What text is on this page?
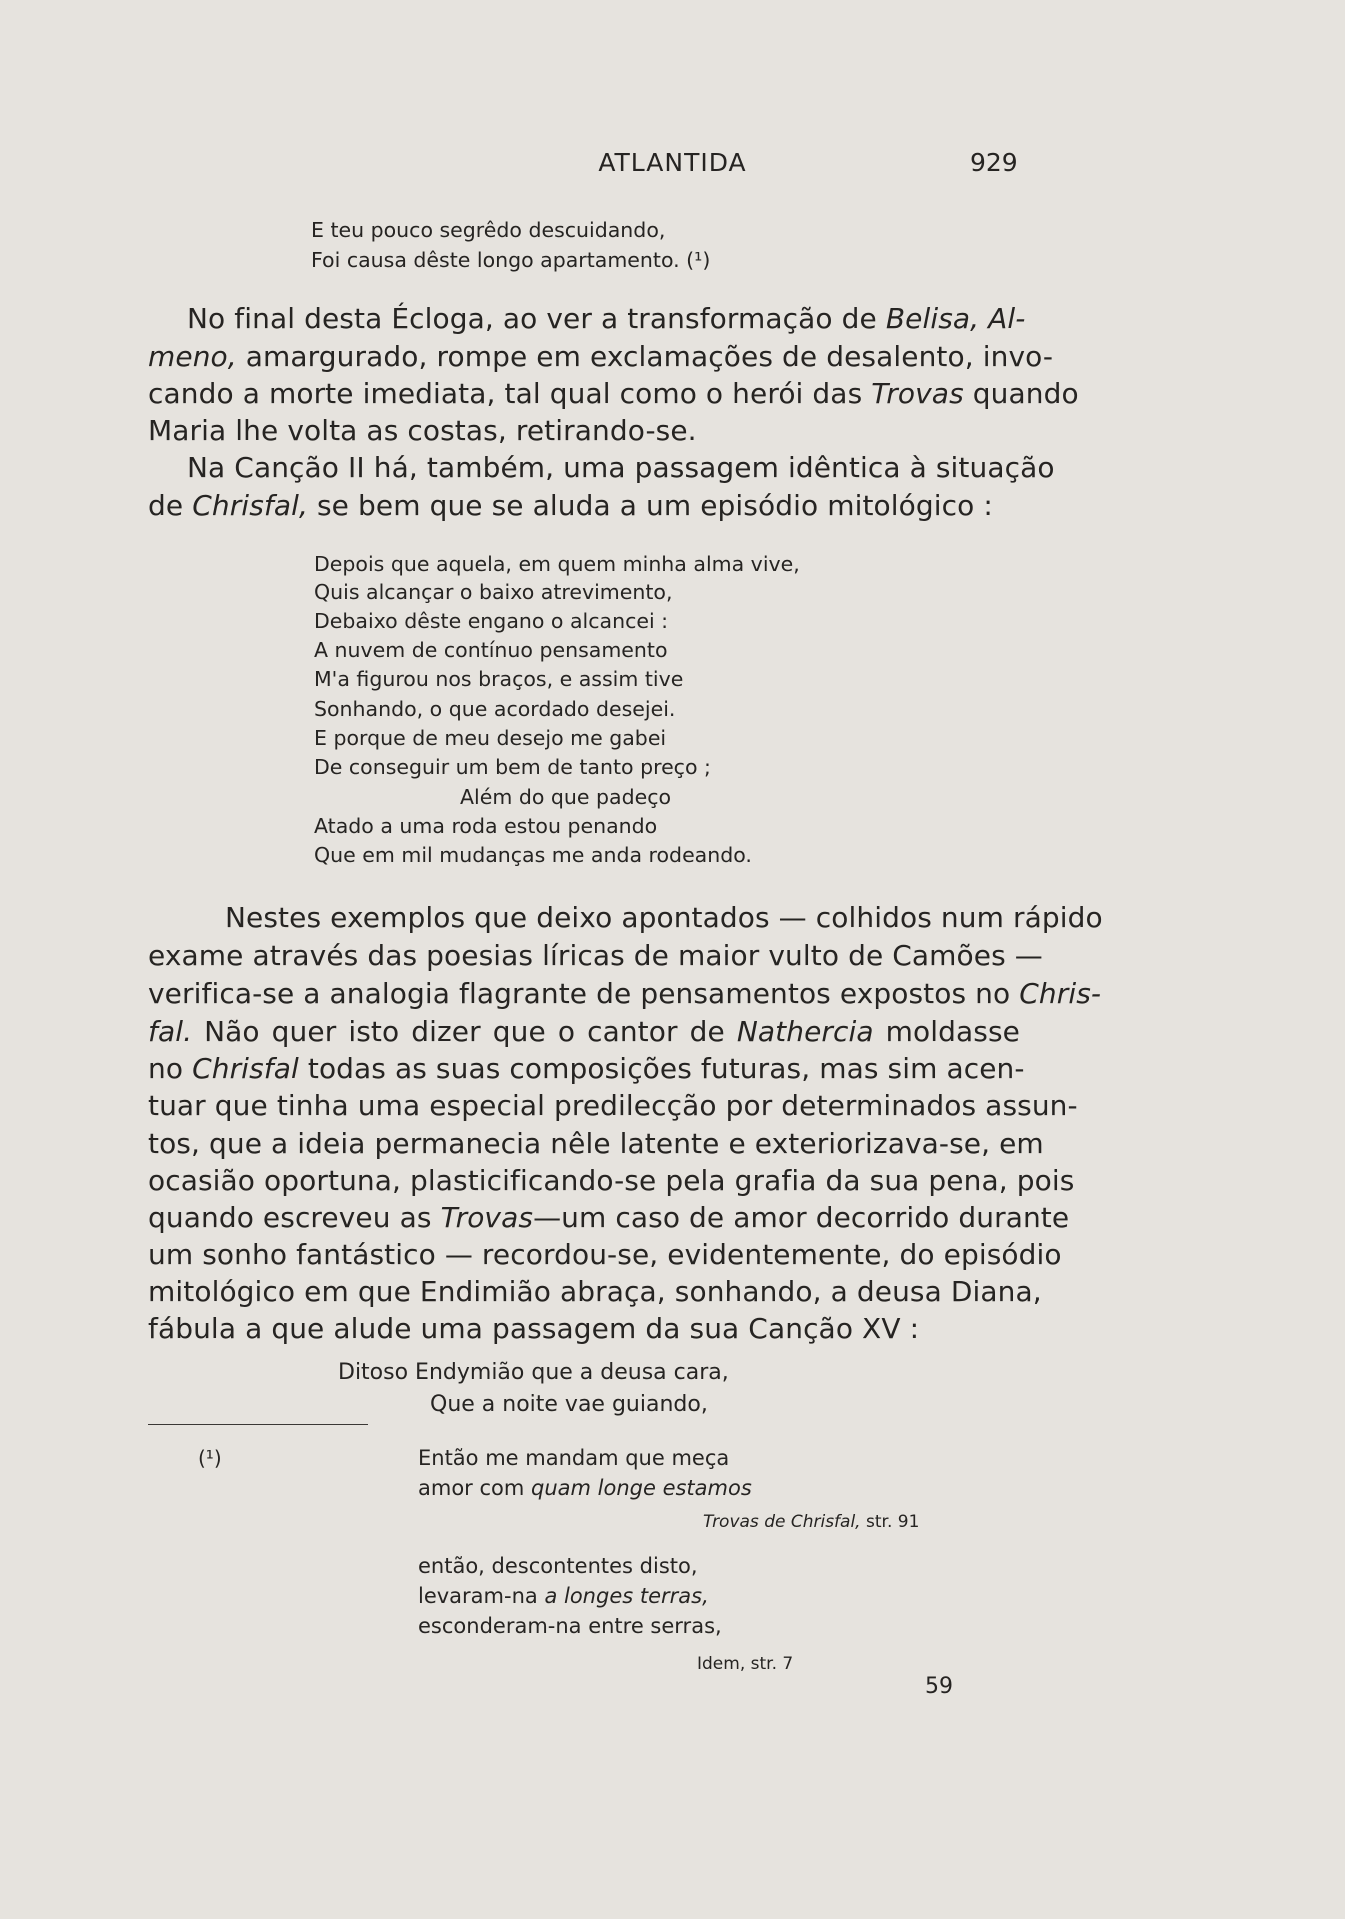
ATLANTIDA	929
E teu pouco segrêdo descuidando,
Foi causa dêste longo apartamento. (¹)
No final desta Écloga, ao ver a transformação de Belisa, Al-
meno, amargurado, rompe em exclamações de desalento, invo-
cando a morte imediata, tal qual como o herói das Trovas quando
Maria lhe volta as costas, retirando-se.
Na Canção II há, também, uma passagem idêntica à situação
de Chrisfal, se bem que se aluda a um episódio mitológico :
Depois que aquela, em quem minha alma vive,
Quis alcançar o baixo atrevimento,
Debaixo dêste engano o alcancei :
A nuvem de contínuo pensamento
M'a figurou nos braços, e assim tive
Sonhando, o que acordado desejei.
E porque de meu desejo me gabei
De conseguir um bem de tanto preço ;
Além do que padeço
Atado a uma roda estou penando
Que em mil mudanças me anda rodeando.
Nestes exemplos que deixo apontados — colhidos num rápido
exame através das poesias líricas de maior vulto de Camões —
verifica-se a analogia flagrante de pensamentos expostos no Chris-
fal. Não quer isto dizer que o cantor de Nathercia moldasse
no Chrisfal todas as suas composições futuras, mas sim acen-
tuar que tinha uma especial predilecção por determinados assun-
tos, que a ideia permanecia nêle latente e exteriorizava-se, em
ocasião oportuna, plasticificando-se pela grafia da sua pena, pois
quando escreveu as Trovas—um caso de amor decorrido durante
um sonho fantástico — recordou-se, evidentemente, do episódio
mitológico em que Endimião abraça, sonhando, a deusa Diana,
fábula a que alude uma passagem da sua Canção XV :
Ditoso Endymião que a deusa cara,
Que a noite vae guiando,
(¹)	Então me mandam que meça
amor com quam longe estamos
Trovas de Chrisfal, str. 91
então, descontentes disto,
levaram-na a longes terras,
esconderam-na entre serras,
Idem, str. 7
59
